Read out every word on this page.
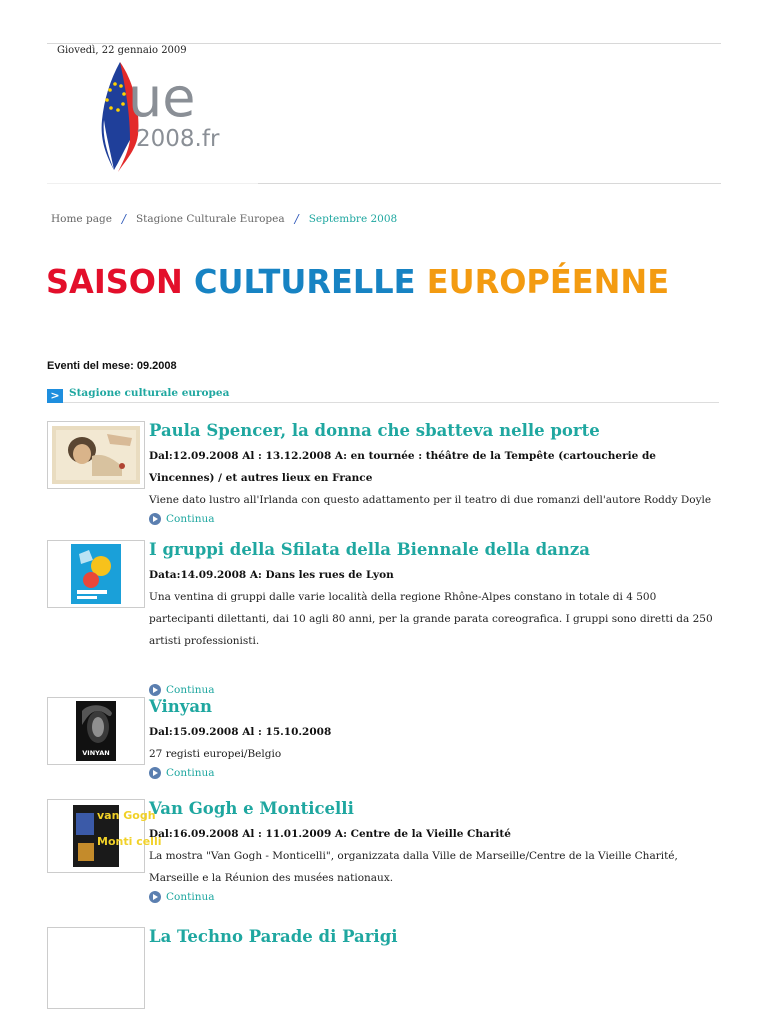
Giovedì, 22 gennaio 2009
ue
2008.fr
Home page / Stagione Culturale Europea / Septembre 2008
SAISON CULTURELLE EUROPÉENNE
Eventi del mese: 09.2008
> Stagione culturale europea
Paula Spencer, la donna che sbatteva nelle porte
Dal:12.09.2008 Al : 13.12.2008 A: en tournée : théâtre de la Tempête (cartoucherie de Vincennes) / et autres lieux en France
Viene dato lustro all'Irlanda con questo adattamento per il teatro di due romanzi dell'autore Roddy Doyle
Continua
I gruppi della Sfilata della Biennale della danza
Data:14.09.2008 A: Dans les rues de Lyon
Una ventina di gruppi dalle varie località della regione Rhône-Alpes constano in totale di 4 500 partecipanti dilettanti, dai 10 agli 80 anni, per la grande parata coreografica. I gruppi sono diretti da 250 artisti professionisti.
Continua
VINYAN
Vinyan
Dal:15.09.2008 Al : 15.10.2008
27 registi europei/Belgio
Continua
van Gogh
Monti celli
Van Gogh e Monticelli
Dal:16.09.2008 Al : 11.01.2009 A: Centre de la Vieille Charité
La mostra "Van Gogh - Monticelli", organizzata dalla Ville de Marseille/Centre de la Vieille Charité, Marseille e la Réunion des musées nationaux.
Continua
La Techno Parade di Parigi
